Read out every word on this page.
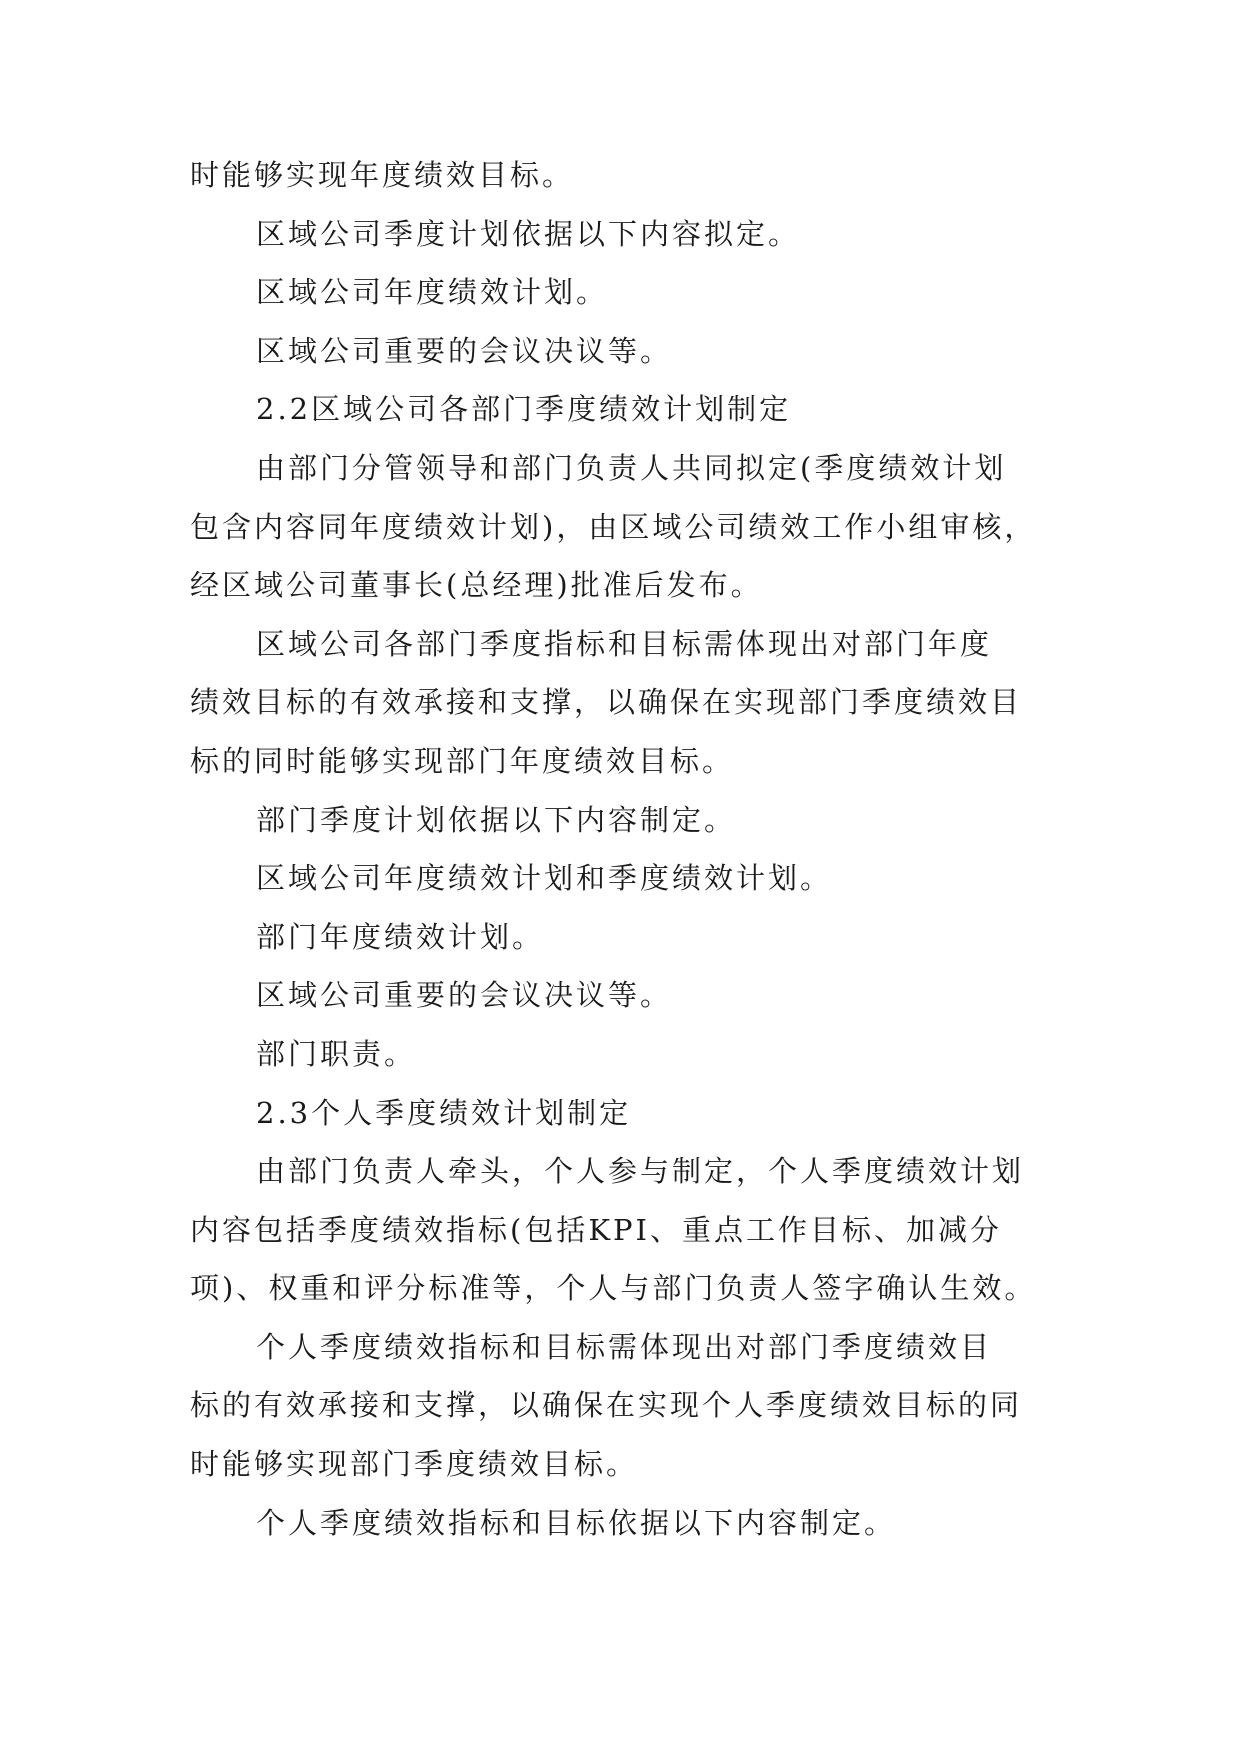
时能够实现年度绩效目标。
区域公司季度计划依据以下内容拟定。
区域公司年度绩效计划。
区域公司重要的会议决议等。
2.2区域公司各部门季度绩效计划制定
由部门分管领导和部门负责人共同拟定(季度绩效计划
包含内容同年度绩效计划)，由区域公司绩效工作小组审核，
经区域公司董事长(总经理)批准后发布。
区域公司各部门季度指标和目标需体现出对部门年度
绩效目标的有效承接和支撑，以确保在实现部门季度绩效目
标的同时能够实现部门年度绩效目标。
部门季度计划依据以下内容制定。
区域公司年度绩效计划和季度绩效计划。
部门年度绩效计划。
区域公司重要的会议决议等。
部门职责。
2.3个人季度绩效计划制定
由部门负责人牵头，个人参与制定，个人季度绩效计划
内容包括季度绩效指标(包括KPI、重点工作目标、加减分
项)、权重和评分标准等，个人与部门负责人签字确认生效。
个人季度绩效指标和目标需体现出对部门季度绩效目
标的有效承接和支撑，以确保在实现个人季度绩效目标的同
时能够实现部门季度绩效目标。
个人季度绩效指标和目标依据以下内容制定。
